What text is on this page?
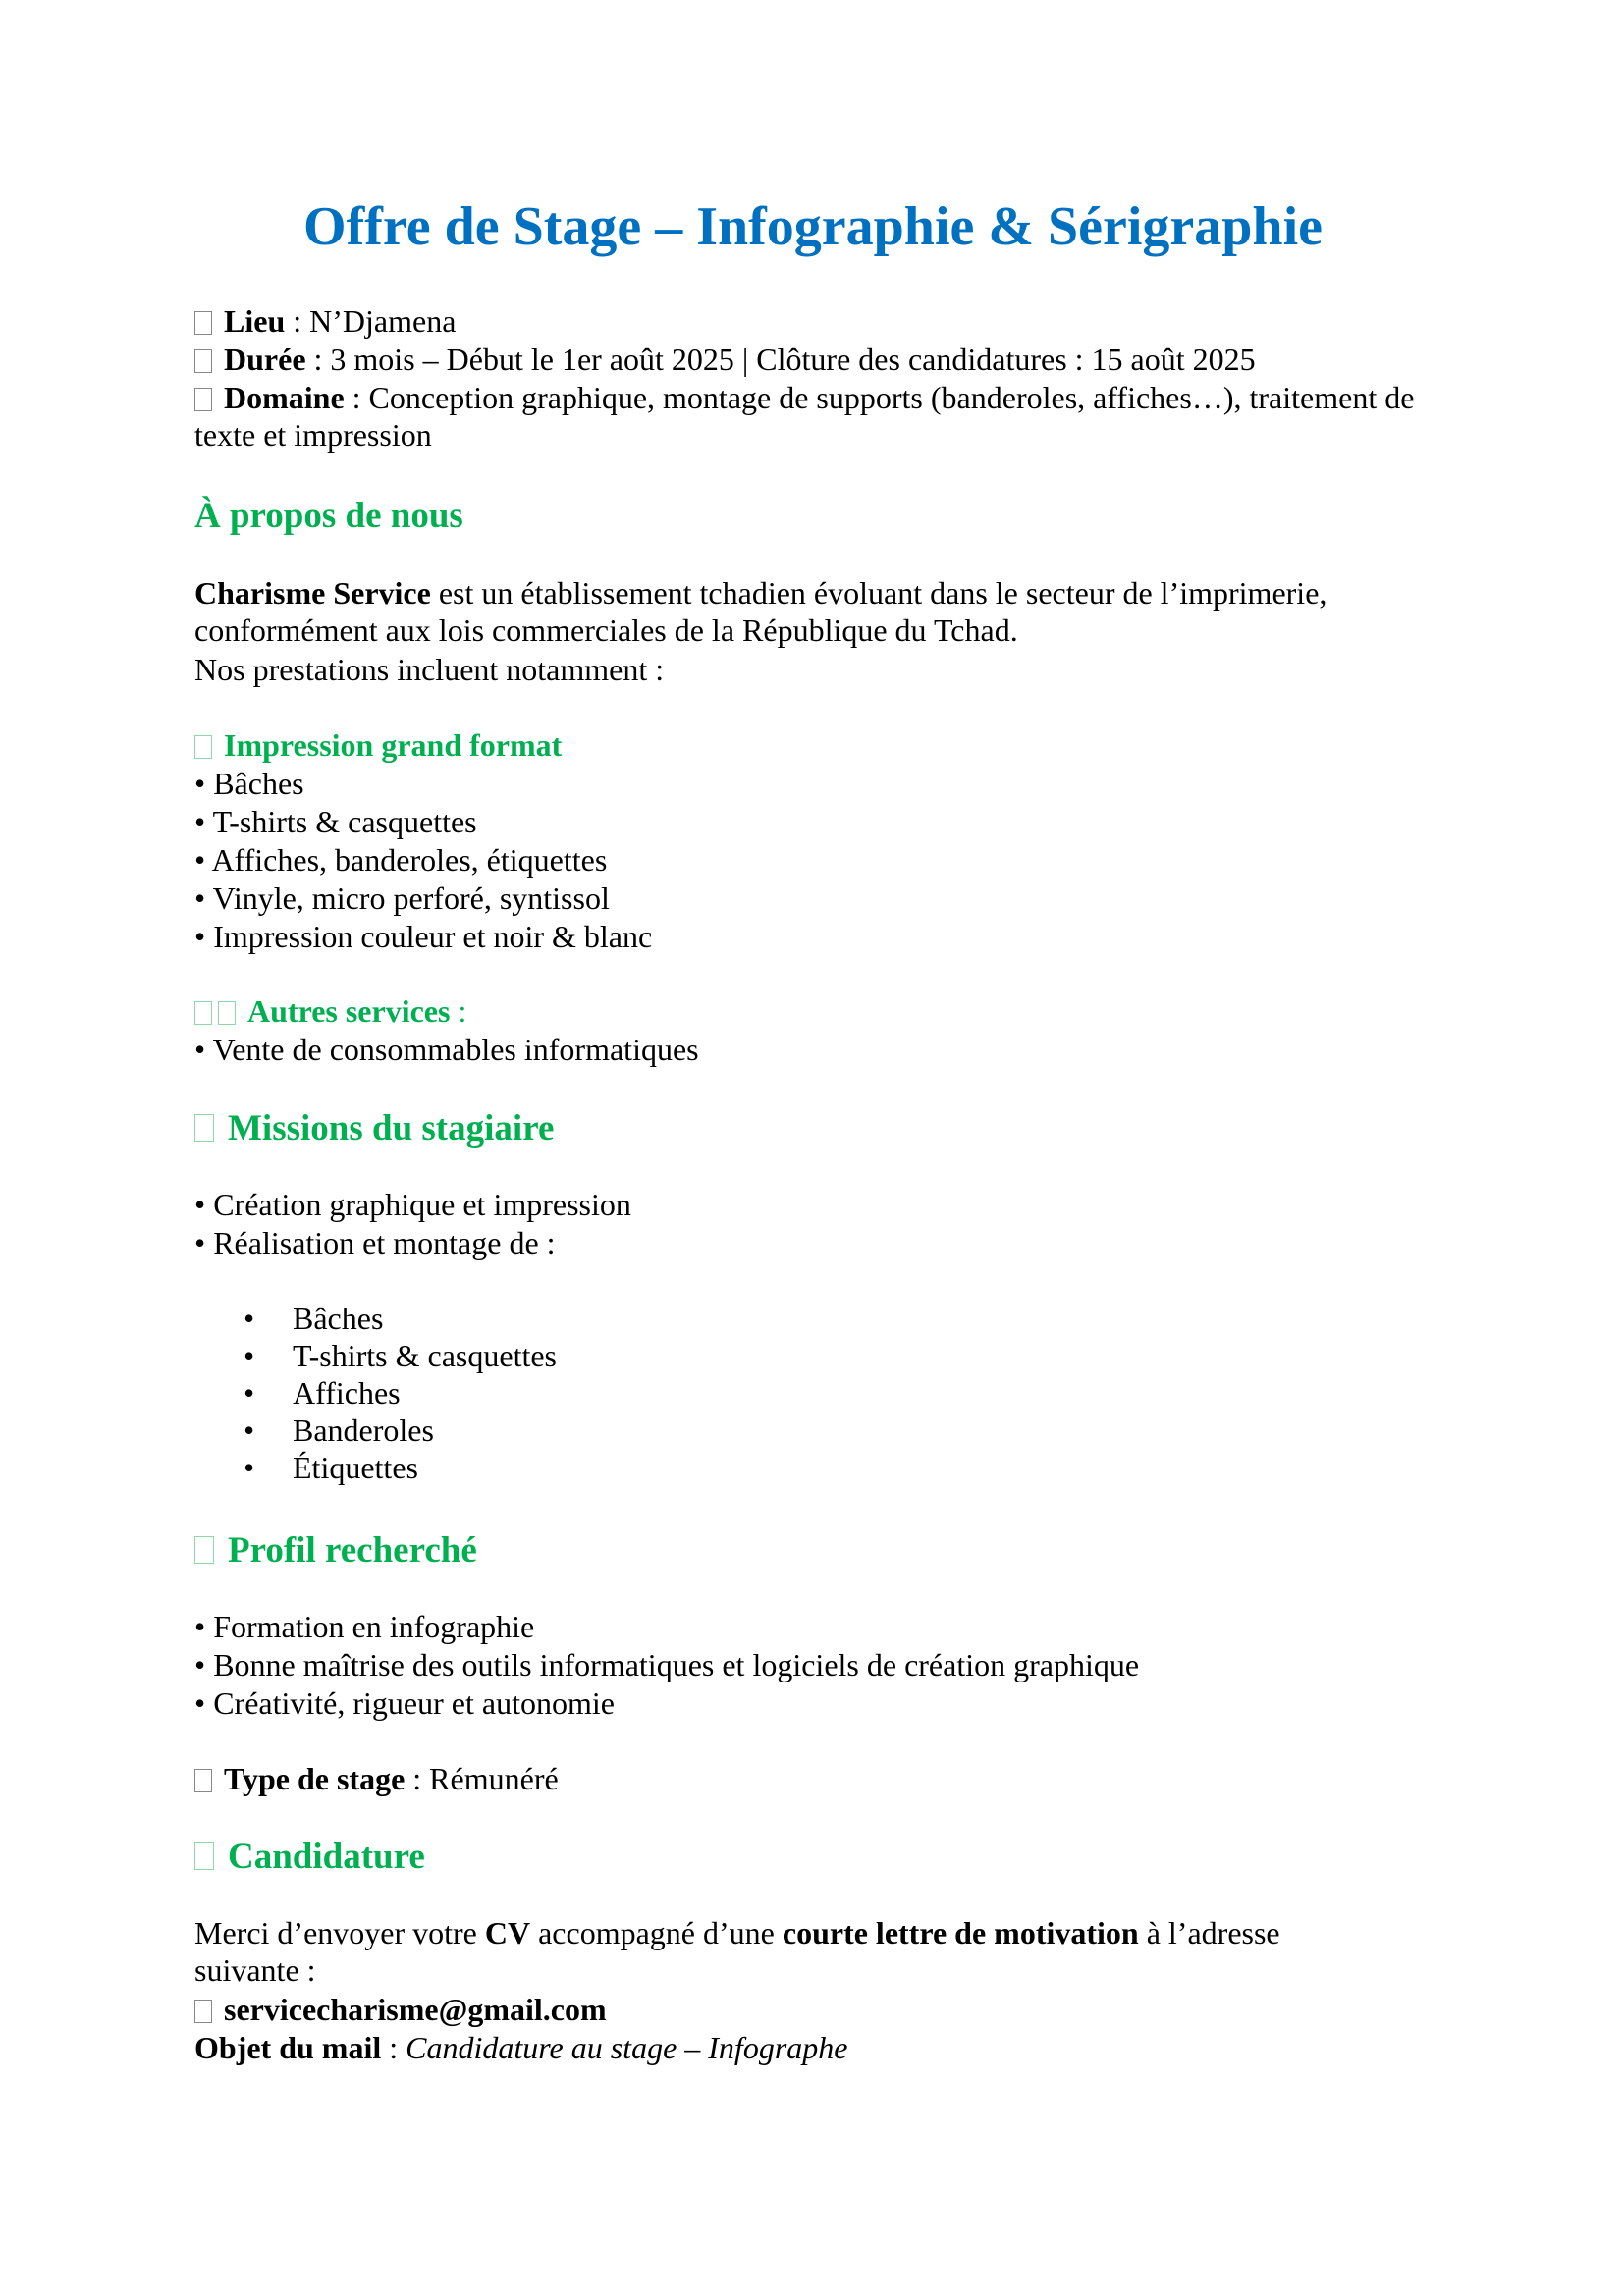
Offre de Stage – Infographie & Sérigraphie
Lieu : N’Djamena
Durée : 3 mois – Début le 1er août 2025 | Clôture des candidatures : 15 août 2025
Domaine : Conception graphique, montage de supports (banderoles, affiches…), traitement de texte et impression
À propos de nous
Charisme Service est un établissement tchadien évoluant dans le secteur de l’imprimerie, conformément aux lois commerciales de la République du Tchad.
Nos prestations incluent notamment :
Impression grand format
• Bâches
• T-shirts & casquettes
• Affiches, banderoles, étiquettes
• Vinyle, micro perforé, syntissol
• Impression couleur et noir & blanc
Autres services :
• Vente de consommables informatiques
Missions du stagiaire
• Création graphique et impression
• Réalisation et montage de :
• Bâches
• T-shirts & casquettes
• Affiches
• Banderoles
• Étiquettes
Profil recherché
• Formation en infographie
• Bonne maîtrise des outils informatiques et logiciels de création graphique
• Créativité, rigueur et autonomie
Type de stage : Rémunéré
Candidature
Merci d’envoyer votre CV accompagné d’une courte lettre de motivation à l’adresse suivante :
servicecharisme@gmail.com
Objet du mail : Candidature au stage – Infographe
